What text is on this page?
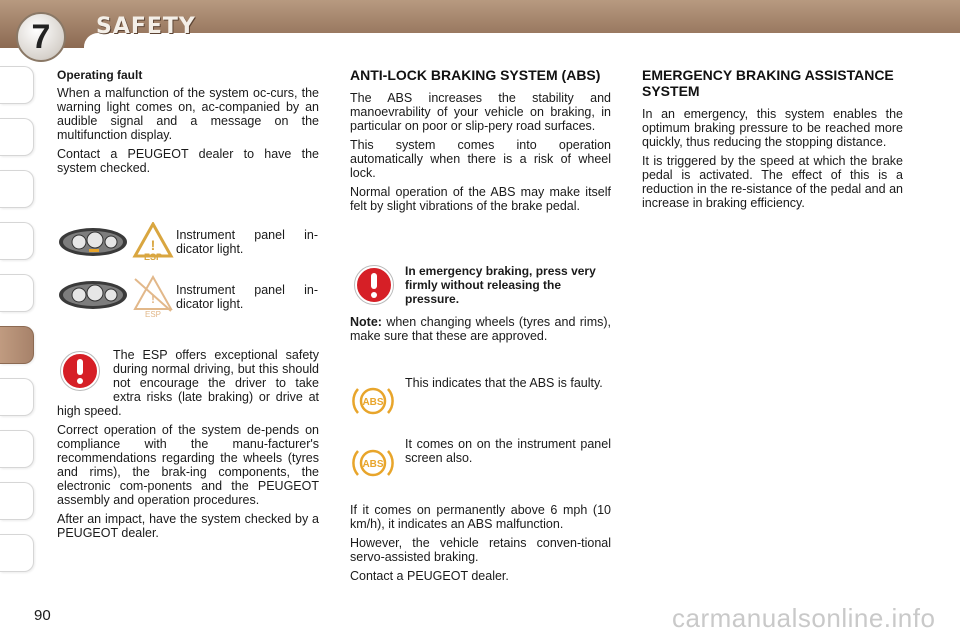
7	SAFETY
Operating fault

When a malfunction of the system oc-curs, the warning light comes on, ac-companied by an audible signal and a message on the multifunction display.

Contact a PEUGEOT dealer to have the system checked.

!
ESP
Instrument panel in-dicator light.
!
ESP
Instrument panel in-dicator light.

The ESP offers exceptional safety during normal driving, but this should not encourage the driver to take extra risks (late braking) or drive at high speed.

Correct operation of the system de-pends on compliance with the manu-facturer's recommendations regarding the wheels (tyres and rims), the brak-ing components, the electronic com-ponents and the PEUGEOT assembly and operation procedures.

After an impact, have the system checked by a PEUGEOT dealer.

ANTI-LOCK BRAKING SYSTEM (ABS)

The ABS increases the stability and manoevrability of your vehicle on braking, in particular on poor or slip-pery road surfaces.

This system comes into operation automatically when there is a risk of wheel lock.

Normal operation of the ABS may make itself felt by slight vibrations of the brake pedal.

In emergency braking, press very firmly without releasing the pressure.

Note: when changing wheels (tyres and rims), make sure that these are approved.

ABS
This indicates that the ABS is faulty.
ABS
It comes on on the instrument panel screen also.

If it comes on permanently above 6 mph (10 km/h), it indicates an ABS malfunction.

However, the vehicle retains conven-tional servo-assisted braking.

Contact a PEUGEOT dealer.

EMERGENCY BRAKING ASSISTANCE SYSTEM

In an emergency, this system enables the optimum braking pressure to be reached more quickly, thus reducing the stopping distance.

It is triggered by the speed at which the brake pedal is activated. The effect of this is a reduction in the re-sistance of the pedal and an increase in braking efficiency.

90	carmanualsonline.info
